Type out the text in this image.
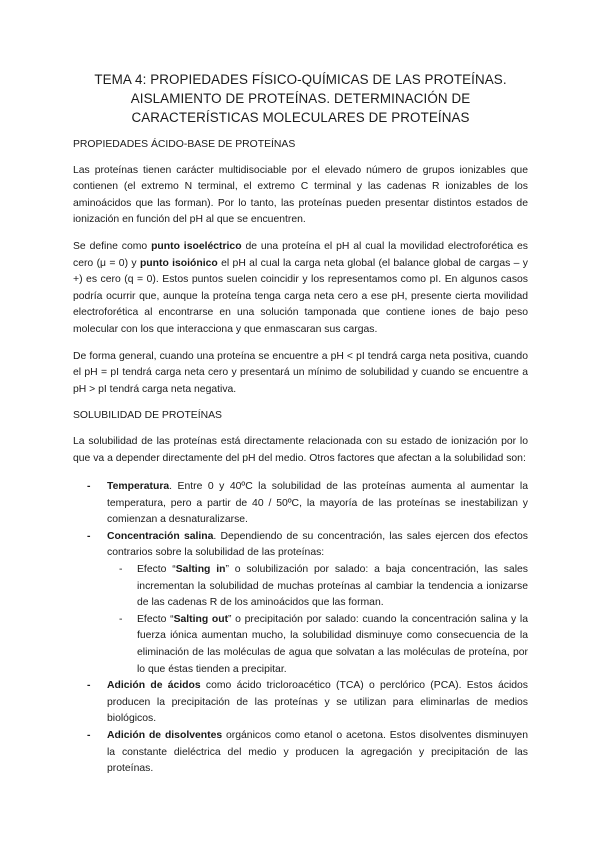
TEMA 4: PROPIEDADES FÍSICO-QUÍMICAS DE LAS PROTEÍNAS.
AISLAMIENTO DE PROTEÍNAS. DETERMINACIÓN DE
CARACTERÍSTICAS MOLECULARES DE PROTEÍNAS
PROPIEDADES ÁCIDO-BASE DE PROTEÍNAS

Las proteínas tienen carácter multidisociable por el elevado número de grupos ionizables que contienen (el extremo N terminal, el extremo C terminal y las cadenas R ionizables de los aminoácidos que las forman). Por lo tanto, las proteínas pueden presentar distintos estados de ionización en función del pH al que se encuentren.

Se define como punto isoeléctrico de una proteína el pH al cual la movilidad electroforética es cero (μ = 0) y punto isoiónico el pH al cual la carga neta global (el balance global de cargas – y +) es cero (q = 0). Estos puntos suelen coincidir y los representamos como pI. En algunos casos podría ocurrir que, aunque la proteína tenga carga neta cero a ese pH, presente cierta movilidad electroforética al encontrarse en una solución tamponada que contiene iones de bajo peso molecular con los que interacciona y que enmascaran sus cargas.

De forma general, cuando una proteína se encuentre a pH < pI tendrá carga neta positiva, cuando el pH = pI tendrá carga neta cero y presentará un mínimo de solubilidad y cuando se encuentre a pH > pI tendrá carga neta negativa.

SOLUBILIDAD DE PROTEÍNAS

La solubilidad de las proteínas está directamente relacionada con su estado de ionización por lo que va a depender directamente del pH del medio. Otros factores que afectan a la solubilidad son:

- Temperatura. Entre 0 y 40ºC la solubilidad de las proteínas aumenta al aumentar la temperatura, pero a partir de 40 / 50ºC, la mayoría de las proteínas se inestabilizan y comienzan a desnaturalizarse.
- Concentración salina. Dependiendo de su concentración, las sales ejercen dos efectos contrarios sobre la solubilidad de las proteínas:
- Efecto “Salting in” o solubilización por salado: a baja concentración, las sales incrementan la solubilidad de muchas proteínas al cambiar la tendencia a ionizarse de las cadenas R de los aminoácidos que las forman.
- Efecto “Salting out” o precipitación por salado: cuando la concentración salina y la fuerza iónica aumentan mucho, la solubilidad disminuye como consecuencia de la eliminación de las moléculas de agua que solvatan a las moléculas de proteína, por lo que éstas tienden a precipitar.
- Adición de ácidos como ácido tricloroacético (TCA) o perclórico (PCA). Estos ácidos producen la precipitación de las proteínas y se utilizan para eliminarlas de medios biológicos.
- Adición de disolventes orgánicos como etanol o acetona. Estos disolventes disminuyen la constante dieléctrica del medio y producen la agregación y precipitación de las proteínas.
